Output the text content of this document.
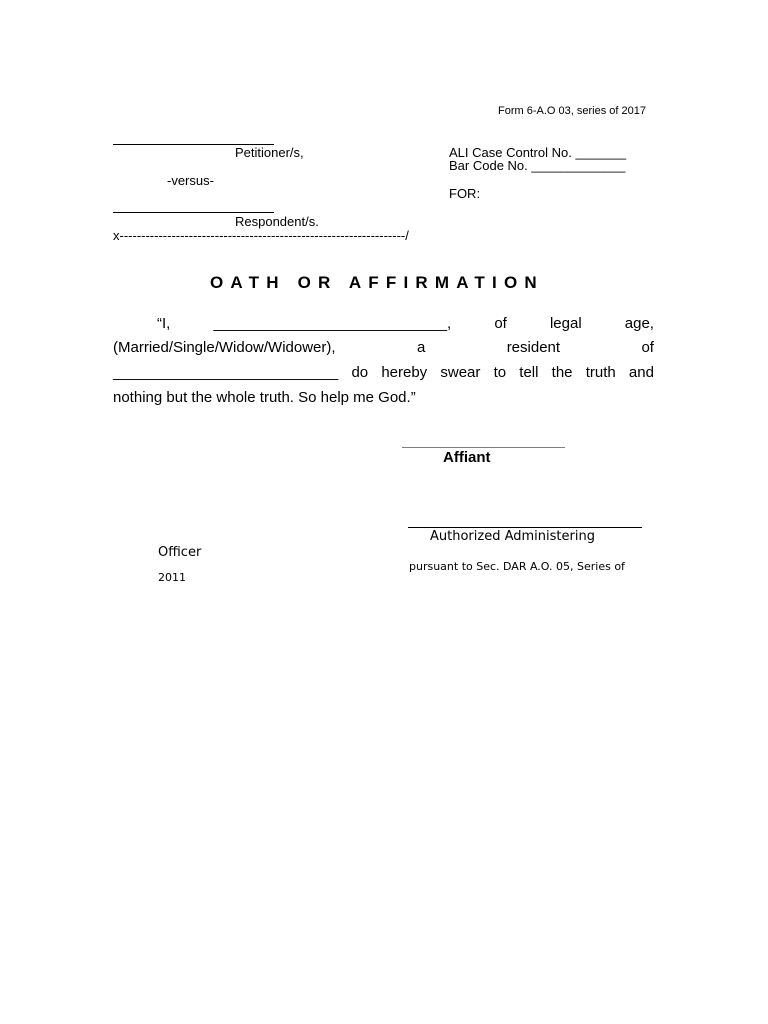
Form 6-A.O 03, series of 2017
Petitioner/s,	ALI Case Control No. _______
Bar Code No. _____________
-versus-
FOR:
Respondent/s.
x------------------------------------------------------------------/
OATH OR AFFIRMATION
“I,	____________________________,	of	legal	age,
(Married/Single/Widow/Widower),	a	resident	of
___________________________ do hereby swear to tell the truth and
nothing but the whole truth. So help me God.”
Affiant
Authorized Administering
Officer
pursuant to Sec. DAR A.O. 05, Series of
2011
